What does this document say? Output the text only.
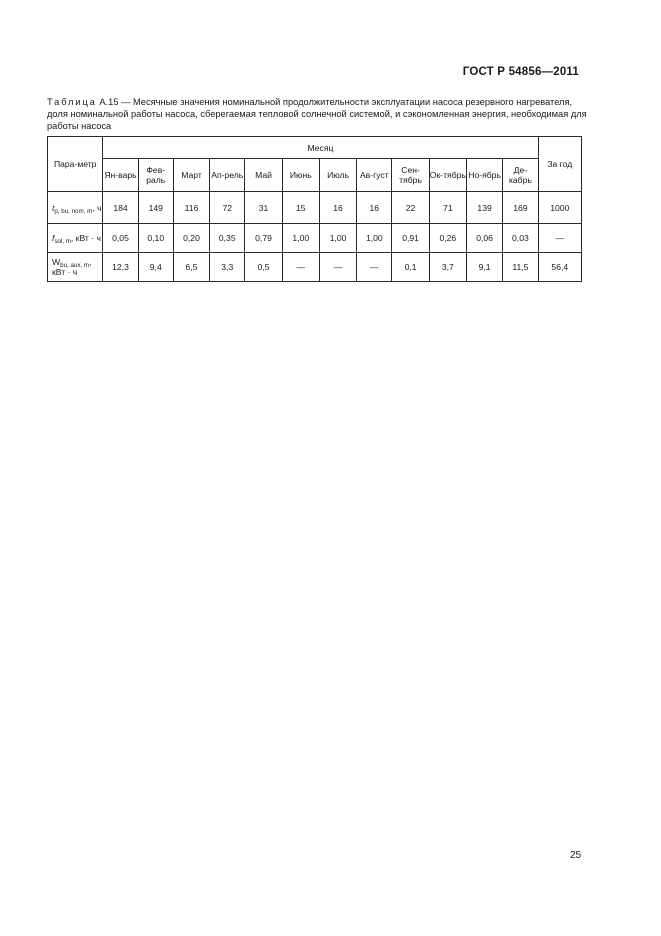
ГОСТ Р 54856—2011
Таблица А.15 — Месячные значения номинальной продолжительности эксплуатации насоса резервного нагревателя, доля номинальной работы насоса, сберегаемая тепловой солнечной системой, и сэкономленная энергия, необходимая для работы насоса
Пара-метр	Месяц												За год
	Ян-варь	Фев-раль	Март	Ап-рель	Май	Июнь	Июль	Ав-густ	Сен-тябрь	Ок-тябрь	Но-ябрь	Де-кабрь	
$t_{p, bu, nom, m}$, ч	184	149	116	72	31	15	16	16	22	71	139	169	1000
$f_{sol, m}$, кВт · ч	0,05	0,10	0,20	0,35	0,79	1,00	1,00	1,00	0,91	0,26	0,06	0,03	—
$W_{bu, aux, m}$, кВт · ч	12,3	9,4	6,5	3,3	0,5	—	—	—	0,1	3,7	9,1	11,5	56,4
25
